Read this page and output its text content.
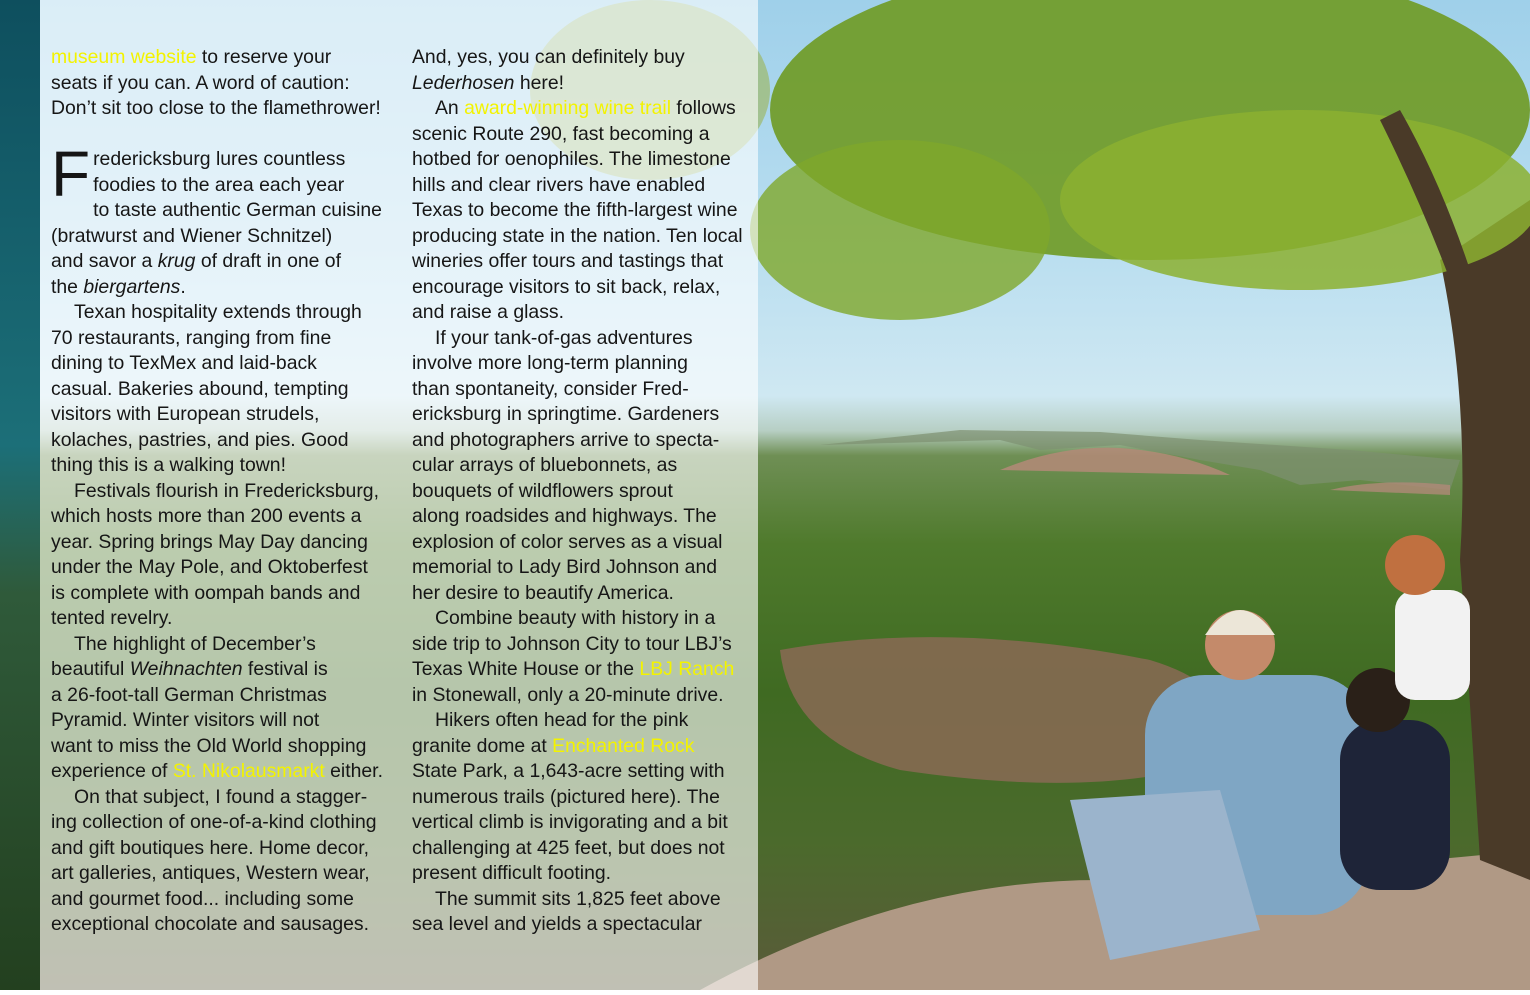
museum website to reserve your
seats if you can. A word of caution:
Don’t sit too close to the flamethrower!
Fredericksburg lures countless
foodies to the area each year
to taste authentic German cuisine
(bratwurst and Wiener Schnitzel)
and savor a krug of draft in one of
the biergartens.
Texan hospitality extends through
70 restaurants, ranging from fine
dining to TexMex and laid-back
casual. Bakeries abound, tempting
visitors with European strudels,
kolaches, pastries, and pies. Good
thing this is a walking town!
Festivals flourish in Fredericksburg,
which hosts more than 200 events a
year. Spring brings May Day dancing
under the May Pole, and Oktoberfest
is complete with oompah bands and
tented revelry.
The highlight of December’s
beautiful Weihnachten festival is
a 26-foot-tall German Christmas
Pyramid. Winter visitors will not
want to miss the Old World shopping
experience of St. Nikolausmarkt either.
On that subject, I found a stagger-
ing collection of one-of-a-kind clothing
and gift boutiques here. Home decor,
art galleries, antiques, Western wear,
and gourmet food... including some
exceptional chocolate and sausages.
And, yes, you can definitely buy
Lederhosen here!
An award-winning wine trail follows
scenic Route 290, fast becoming a
hotbed for oenophiles. The limestone
hills and clear rivers have enabled
Texas to become the fifth-largest wine
producing state in the nation. Ten local
wineries offer tours and tastings that
encourage visitors to sit back, relax,
and raise a glass.
If your tank-of-gas adventures
involve more long-term planning
than spontaneity, consider Fred-
ericksburg in springtime. Gardeners
and photographers arrive to specta-
cular arrays of bluebonnets, as
bouquets of wildflowers sprout
along roadsides and highways. The
explosion of color serves as a visual
memorial to Lady Bird Johnson and
her desire to beautify America.
Combine beauty with history in a
side trip to Johnson City to tour LBJ’s
Texas White House or the LBJ Ranch
in Stonewall, only a 20-minute drive.
Hikers often head for the pink
granite dome at Enchanted Rock
State Park, a 1,643-acre setting with
numerous trails (pictured here). The
vertical climb is invigorating and a bit
challenging at 425 feet, but does not
present difficult footing.
The summit sits 1,825 feet above
sea level and yields a spectacular
